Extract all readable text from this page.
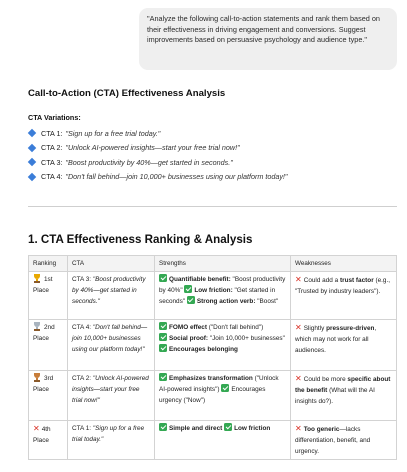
"Analyze the following call-to-action statements and rank them based on their effectiveness in driving engagement and conversions. Suggest improvements based on persuasive psychology and audience type."
Call-to-Action (CTA) Effectiveness Analysis
CTA Variations:
CTA 1: "Sign up for a free trial today."
CTA 2: "Unlock AI-powered insights—start your free trial now!"
CTA 3: "Boost productivity by 40%—get started in seconds."
CTA 4: "Don't fall behind—join 10,000+ businesses using our platform today!"
1. CTA Effectiveness Ranking & Analysis
Ranking	CTA	Strengths	Weaknesses

1st
Place	CTA 3: "Boost productivity by 40%—get started in seconds."	Quantifiable benefit: "Boost productivity by 40%" Low friction: "Get started in seconds" Strong action verb: "Boost"	✕ Could add a trust factor (e.g., "Trusted by industry leaders").

2nd
Place	CTA 4: "Don't fall behind—join 10,000+ businesses using our platform today!"	FOMO effect ("Don't fall behind")
Social proof: "Join 10,000+ businesses" Encourages belonging	✕ Slightly pressure-driven, which may not work for all audiences.

3rd
Place	CTA 2: "Unlock AI-powered insights—start your free trial now!"	Emphasizes transformation ("Unlock AI-powered insights") Encourages urgency ("Now")	✕ Could be more specific about the benefit (What will the AI insights do?).
✕ 4th
Place	CTA 1: "Sign up for a free trial today."	Simple and direct Low friction	✕ Too generic—lacks differentiation, benefit, and urgency.
